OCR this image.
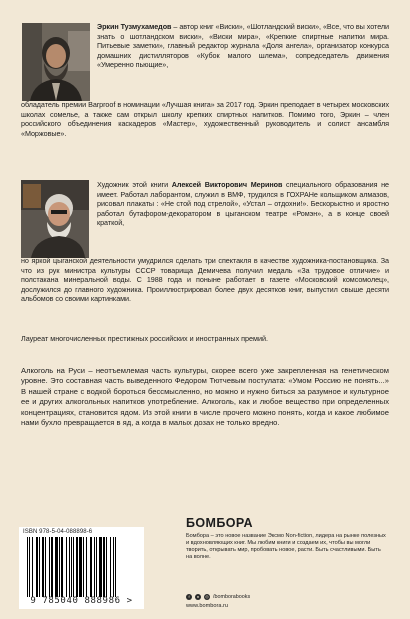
Эркин Тузмухамедов – автор книг «Виски», «Шотландский виски», «Все, что вы хотели знать о шотландском виски», «Виски мира», «Крепкие спиртные напитки мира. Питьевые заметки», главный редактор журнала «Доля ангела», организатор конкурса домашних дистилляторов «Кубок малого шлема», сопредседатель движения «Умеренно пьющие»,
обладатель премии Barproof в номинации «Лучшая книга» за 2017 год. Эркин преподает в четырех московских школах сомелье, а также сам открыл школу крепких спиртных напитков. Помимо того, Эркин – член российского объединения каскадеров «Мастер», художественный руководитель и солист ансамбля «Моржовые».
Художник этой книги Алексей Викторович Меринов специального образования не имеет. Работал лаборантом, служил в ВМФ, трудился в ГОХРАНе кольщиком алмазов, рисовал плакаты : «Не стой под стрелой», «Устал – отдохни!». Бескорыстно и яростно работал бутафором-декоратором в цыганском театре «Ромэн», а в конце своей краткой,
но яркой цыганской деятельности умудрился сделать три спектакля в качестве художника-постановщика. За что из рук министра культуры СССР товарища Демичева получил медаль «За трудовое отличие» и полстакана минеральной воды. С 1988 года и поныне работает в газете «Московский комсомолец», дослужился до главного художника. Проиллюстрировал более двух десятков книг, выпустил свыше десяти альбомов со своими картинками.
Лауреат многочисленных престижных российских и иностранных премий.
Алкоголь на Руси – неотъемлемая часть культуры, скорее всего уже закрепленная на генетическом уровне. Это составная часть выведенного Федором Тютчевым постулата: «Умом Россию не понять...» В нашей стране с водкой бороться бессмысленно, но можно и нужно биться за разумное и культурное ее и других алкогольных напитков употребление. Алкоголь, как и любое вещество при определенных концентрациях, становится ядом. Из этой книги в числе прочего можно понять, когда и какое любимое нами бухло превращается в яд, а когда в малых дозах не только вредно.
ISBN 978-5-04-088898-6
9 785040 888986 >
БОМБОРА
Бомбора – это новое название Эксмо Non-fiction, лидера на рынке полезных и вдохновляющих книг. Мы любим книги и создаем их, чтобы вы могли творить, открывать мир, пробовать новое, расти. Быть счастливыми. Быть на волне.
f	в	◎ /bomborabooks
www.bombora.ru
